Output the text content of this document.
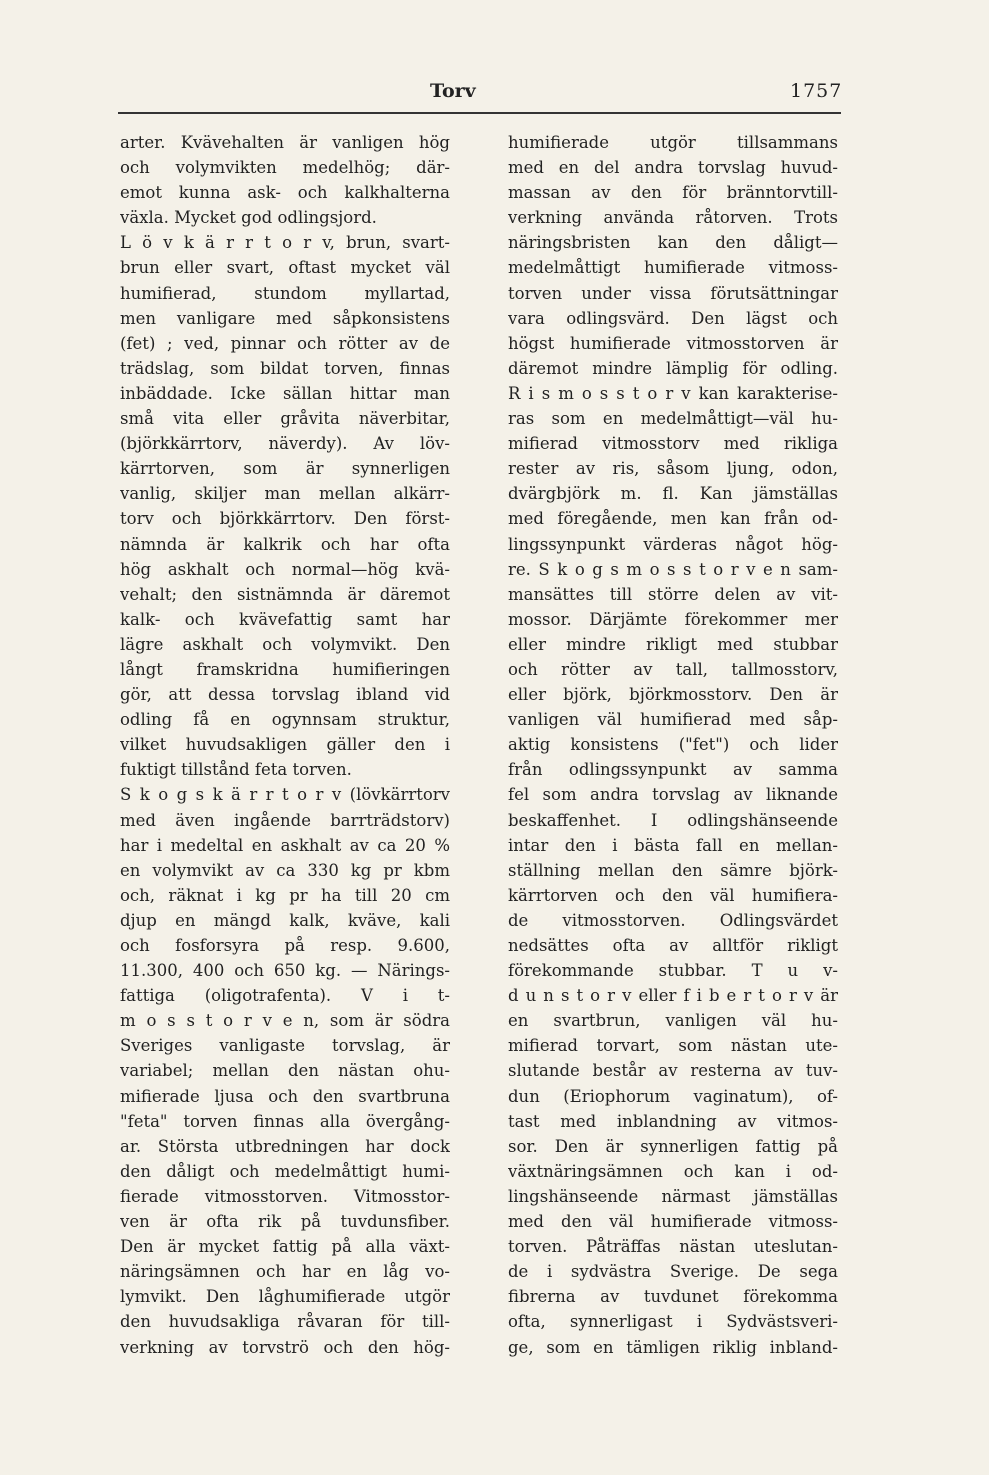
Torv	1757
arter. Kvävehalten är vanligen hög
och volymvikten medelhög; där-
emot kunna ask- och kalkhalterna
växla. Mycket god odlingsjord.
L ö v k ä r r t o r v, brun, svart-
brun eller svart, oftast mycket väl
humifierad, stundom myllartad,
men vanligare med såpkonsistens
(fet) ; ved, pinnar och rötter av de
trädslag, som bildat torven, finnas
inbäddade. Icke sällan hittar man
små vita eller gråvita näverbitar,
(björkkärrtorv, näverdy). Av löv-
kärrtorven, som är synnerligen
vanlig, skiljer man mellan alkärr-
torv och björkkärrtorv. Den först-
nämnda är kalkrik och har ofta
hög askhalt och normal—hög kvä-
vehalt; den sistnämnda är däremot
kalk- och kvävefattig samt har
lägre askhalt och volymvikt. Den
långt framskridna humifieringen
gör, att dessa torvslag ibland vid
odling få en ogynnsam struktur,
vilket huvudsakligen gäller den i
fuktigt tillstånd feta torven.
S k o g s k ä r r t o r v (lövkärrtorv
med även ingående barrträdstorv)
har i medeltal en askhalt av ca 20 %
en volymvikt av ca 330 kg pr kbm
och, räknat i kg pr ha till 20 cm
djup en mängd kalk, kväve, kali
och fosforsyra på resp. 9.600,
11.300, 400 och 650 kg. — Närings-
fattiga (oligotrafenta). V i t-
m o s s t o r v e n, som är södra
Sveriges vanligaste torvslag, är
variabel; mellan den nästan ohu-
mifierade ljusa och den svartbruna
"feta" torven finnas alla övergång-
ar. Största utbredningen har dock
den dåligt och medelmåttigt humi-
fierade vitmosstorven. Vitmosstor-
ven är ofta rik på tuvdunsfiber.
Den är mycket fattig på alla växt-
näringsämnen och har en låg vo-
lymvikt. Den låghumifierade utgör
den huvudsakliga råvaran för till-
verkning av torvströ och den hög-
humifierade utgör tillsammans
med en del andra torvslag huvud-
massan av den för bränntorvtill-
verkning använda råtorven. Trots
näringsbristen kan den dåligt—
medelmåttigt humifierade vitmoss-
torven under vissa förutsättningar
vara odlingsvärd. Den lägst och
högst humifierade vitmosstorven är
däremot mindre lämplig för odling.
R i s m o s s t o r v kan karakterise-
ras som en medelmåttigt—väl hu-
mifierad vitmosstorv med rikliga
rester av ris, såsom ljung, odon,
dvärgbjörk m. fl. Kan jämställas
med föregående, men kan från od-
lingssynpunkt värderas något hög-
re. S k o g s m o s s t o r v e n sam-
mansättes till större delen av vit-
mossor. Därjämte förekommer mer
eller mindre rikligt med stubbar
och rötter av tall, tallmosstorv,
eller björk, björkmosstorv. Den är
vanligen väl humifierad med såp-
aktig konsistens ("fet") och lider
från odlingssynpunkt av samma
fel som andra torvslag av liknande
beskaffenhet. I odlingshänseende
intar den i bästa fall en mellan-
ställning mellan den sämre björk-
kärrtorven och den väl humifiera-
de vitmosstorven. Odlingsvärdet
nedsättes ofta av alltför rikligt
förekommande stubbar. T u v-
d u n s t o r v eller f i b e r t o r v är
en svartbrun, vanligen väl hu-
mifierad torvart, som nästan ute-
slutande består av resterna av tuv-
dun (Eriophorum vaginatum), of-
tast med inblandning av vitmos-
sor. Den är synnerligen fattig på
växtnäringsämnen och kan i od-
lingshänseende närmast jämställas
med den väl humifierade vitmoss-
torven. Påträffas nästan uteslutan-
de i sydvästra Sverige. De sega
fibrerna av tuvdunet förekomma
ofta, synnerligast i Sydvästsveri-
ge, som en tämligen riklig inbland-
